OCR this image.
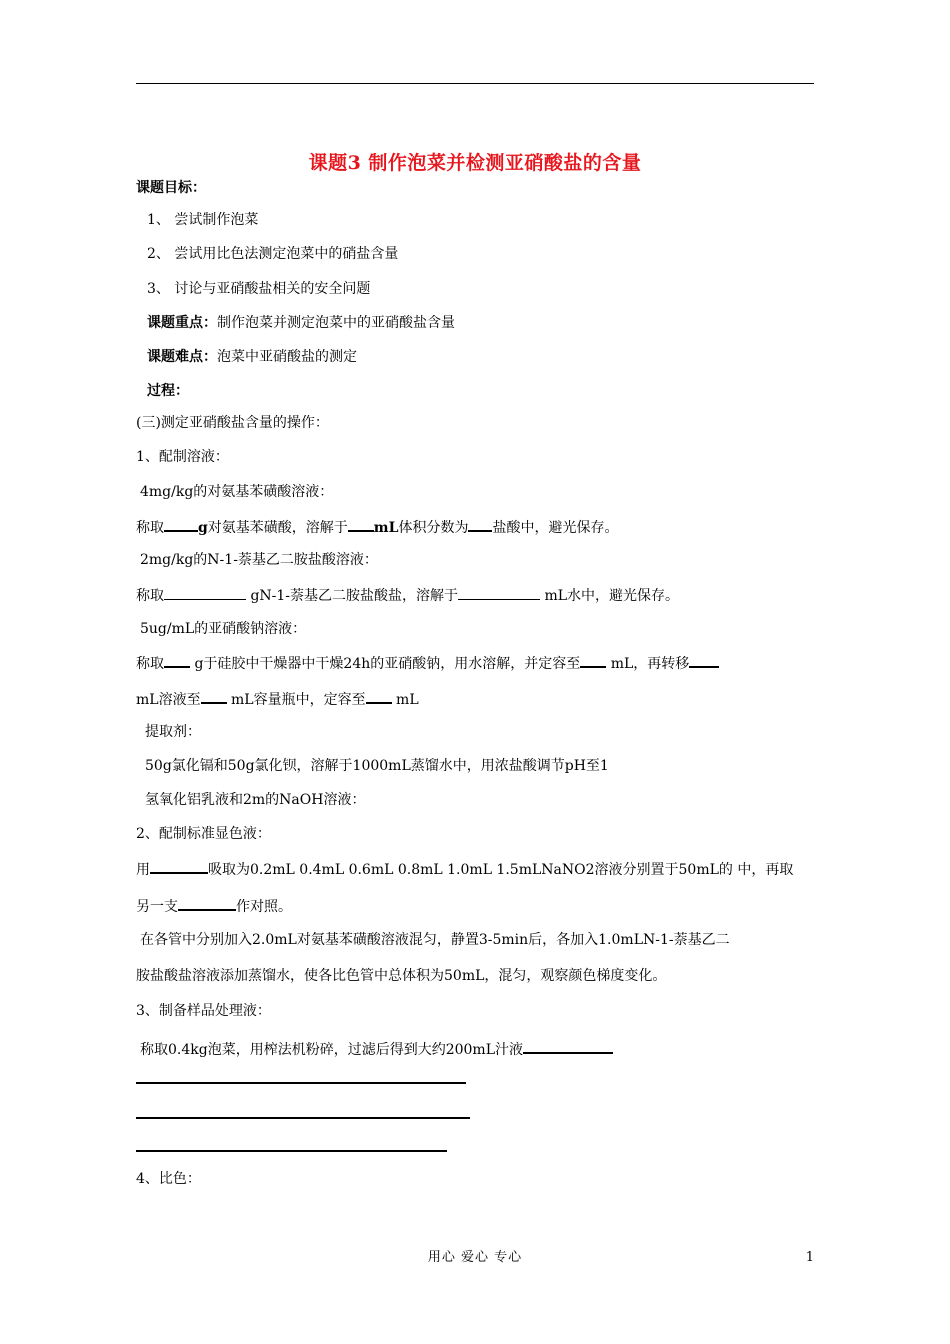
课题3 制作泡菜并检测亚硝酸盐的含量
课题目标：
1、 尝试制作泡菜
2、 尝试用比色法测定泡菜中的硝盐含量
3、 讨论与亚硝酸盐相关的安全问题
课题重点：制作泡菜并测定泡菜中的亚硝酸盐含量
课题难点：泡菜中亚硝酸盐的测定
过程：
(三)测定亚硝酸盐含量的操作：
1、配制溶液：
4mg/kg的对氨基苯磺酸溶液：
称取 g对氨基苯磺酸，溶解于 mL体积分数为 盐酸中，避光保存。
2mg/kg的N-1-萘基乙二胺盐酸溶液：
称取	gN-1-萘基乙二胺盐酸盐，溶解于	mL水中，避光保存。
5ug/mL的亚硝酸钠溶液：
称取 g于硅胶中干燥器中干燥24h的亚硝酸钠，用水溶解，并定容至 mL，再转移
mL溶液至 mL容量瓶中，定容至 mL
提取剂：
50g氯化镉和50g氯化钡，溶解于1000mL蒸馏水中，用浓盐酸调节pH至1
氢氧化铝乳液和2m的NaOH溶液：
2、配制标准显色液：
用	吸取为0.2mL 0.4mL 0.6mL 0.8mL 1.0mL 1.5mLNaNO2溶液分别置于50mL的 中，再取
另一支	作对照。
在各管中分别加入2.0mL对氨基苯磺酸溶液混匀，静置3-5min后，各加入1.0mLN-1-萘基乙二
胺盐酸盐溶液添加蒸馏水，使各比色管中总体积为50mL，混匀，观察颜色梯度变化。
3、制备样品处理液：
称取0.4kg泡菜，用榨法机粉碎，过滤后得到大约200mL汁液
4、比色：
用心 爱心 专心	1
